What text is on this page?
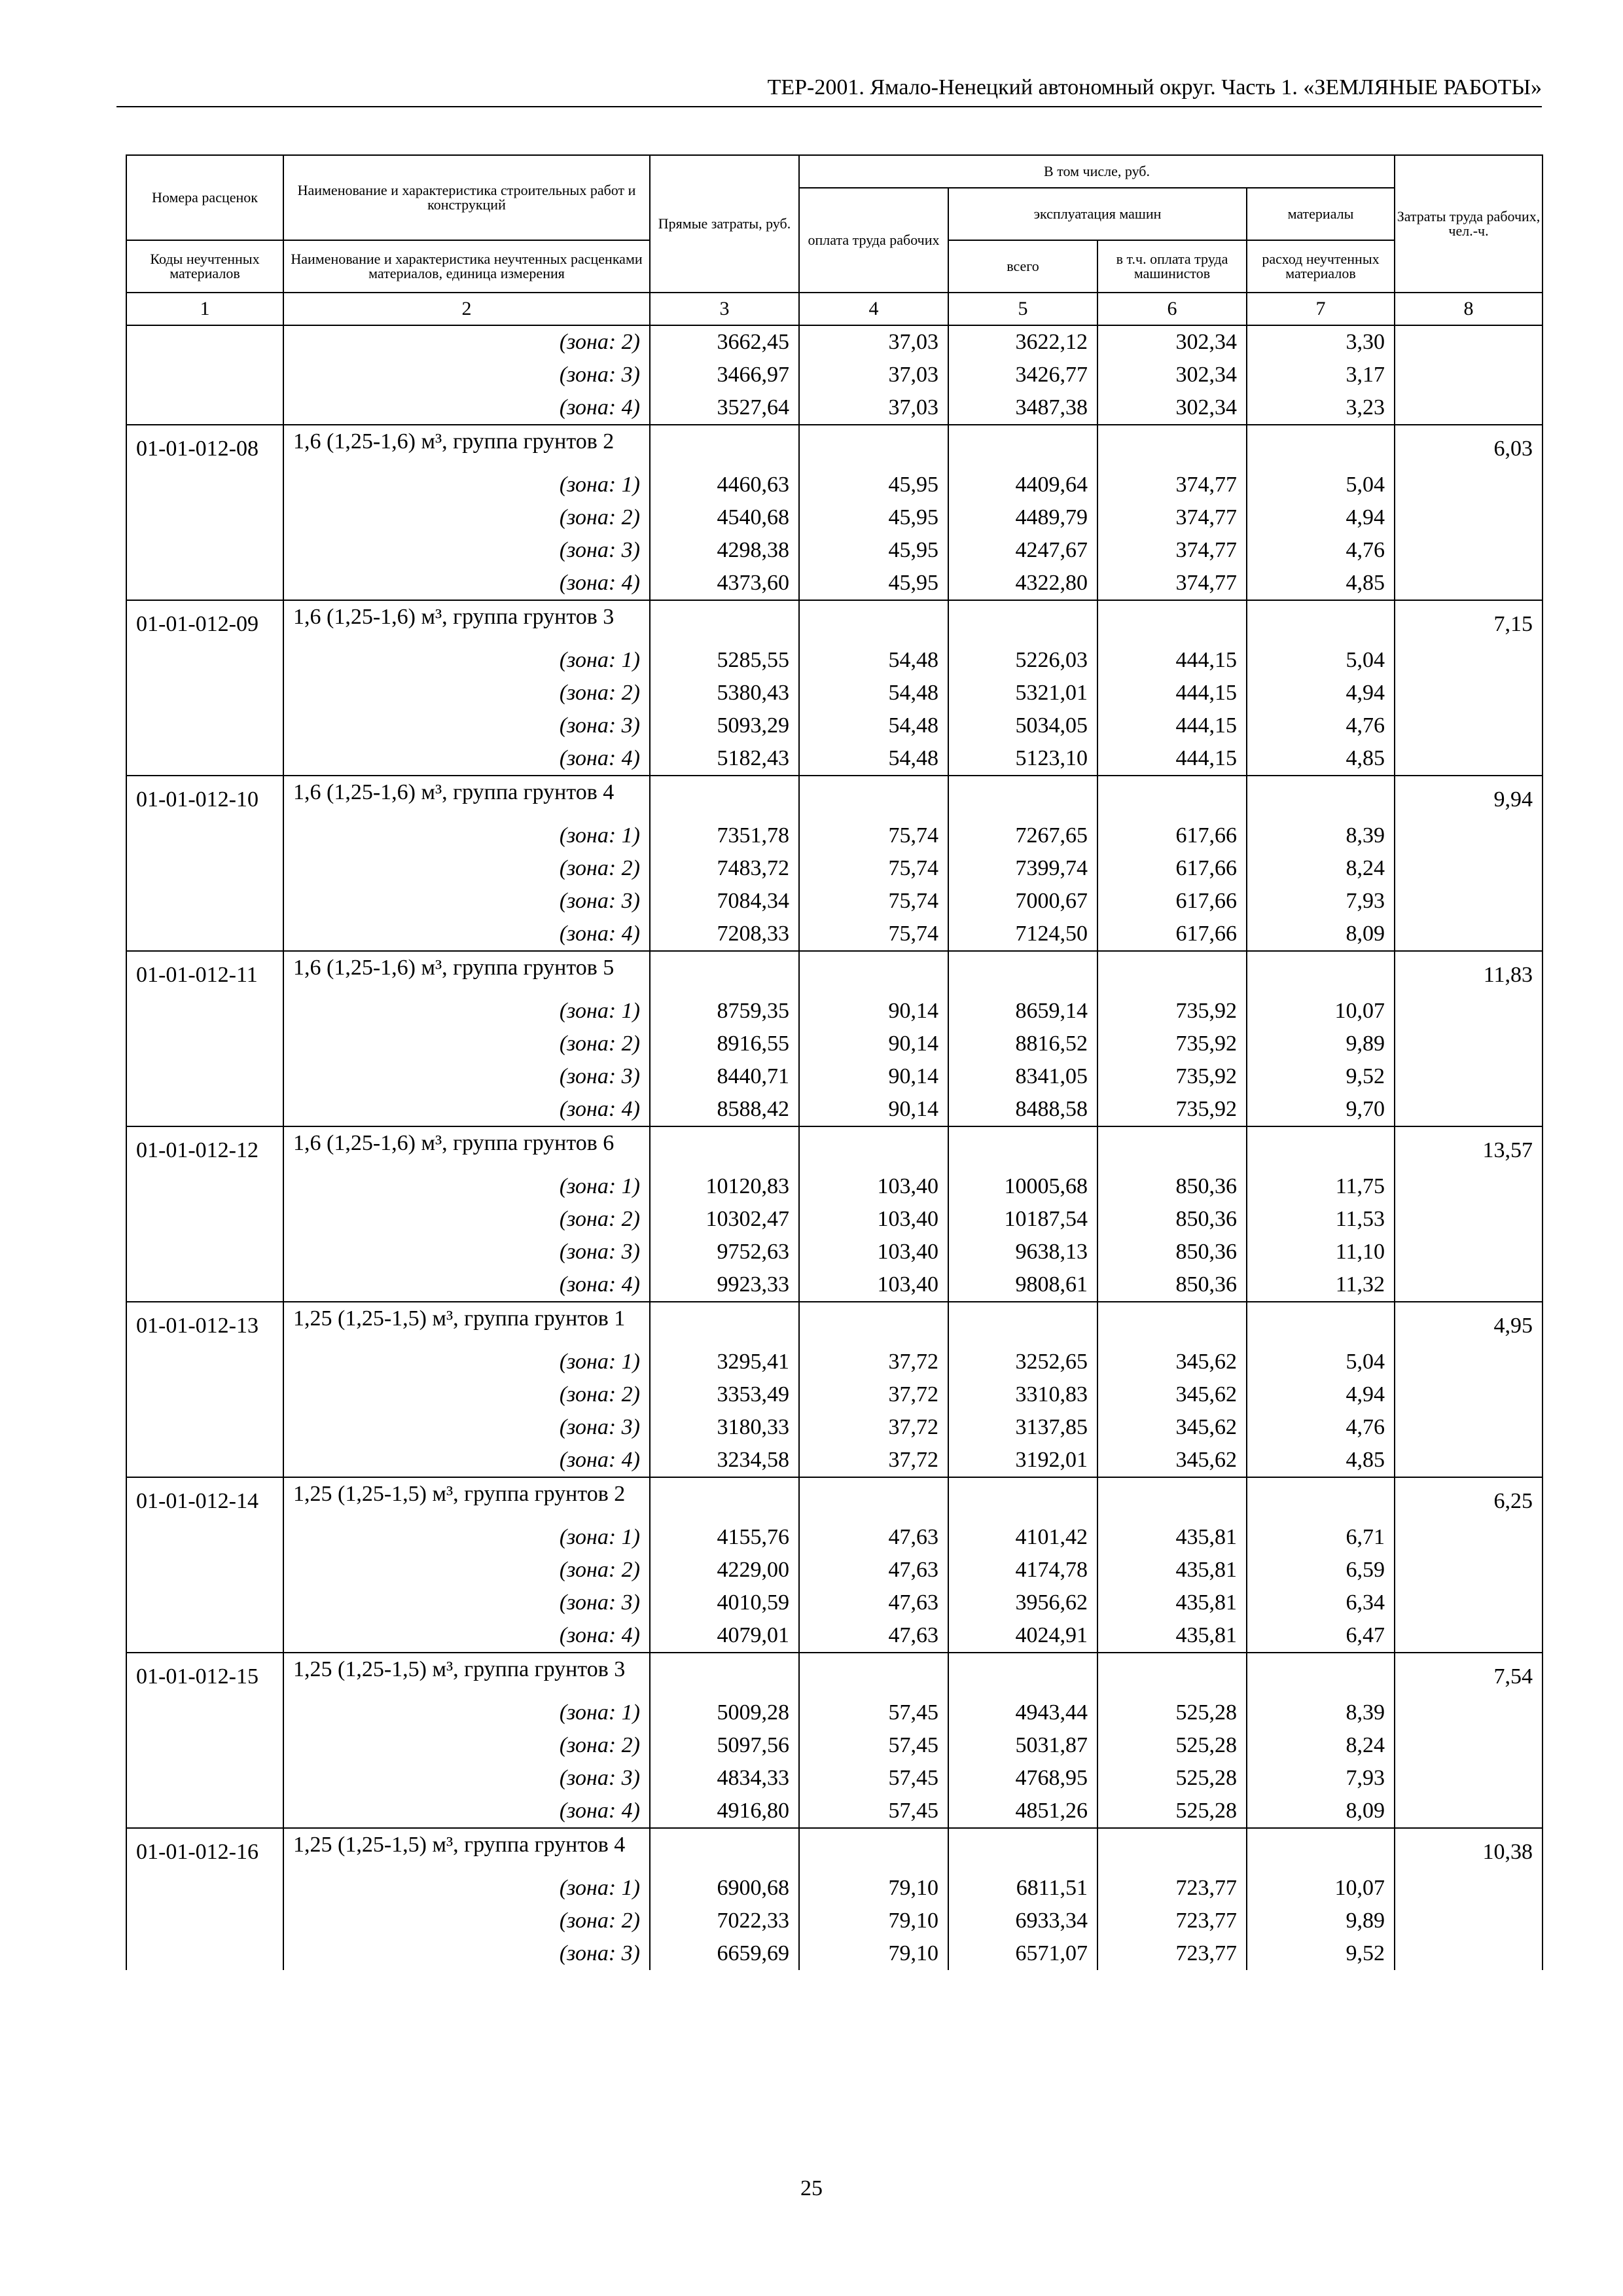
ТЕР-2001. Ямало-Ненецкий автономный округ. Часть 1. «ЗЕМЛЯНЫЕ РАБОТЫ»
Номера расценок	Наименование и характеристика строительных работ и конструкций	Прямые затраты, руб.	В том числе, руб.				Затраты труда рабочих, чел.-ч.
			оплата труда рабочих	эксплуатация машин		материалы	
Коды неучтенных материалов	Наименование и характеристика неучтенных расценками материалов, единица измерения			всего	в т.ч. оплата труда машинистов	расход неучтенных материалов	

1	2	3	4	5	6	7	8
	(зона: 2)	3662,45	37,03	3622,12	302,34	3,30	
	(зона: 3)	3466,97	37,03	3426,77	302,34	3,17	
	(зона: 4)	3527,64	37,03	3487,38	302,34	3,23	
01-01-012-08	1,6 (1,25-1,6) м³, группа грунтов 2						6,03
	(зона: 1)	4460,63	45,95	4409,64	374,77	5,04	
	(зона: 2)	4540,68	45,95	4489,79	374,77	4,94	
	(зона: 3)	4298,38	45,95	4247,67	374,77	4,76	
	(зона: 4)	4373,60	45,95	4322,80	374,77	4,85	
01-01-012-09	1,6 (1,25-1,6) м³, группа грунтов 3						7,15
	(зона: 1)	5285,55	54,48	5226,03	444,15	5,04	
	(зона: 2)	5380,43	54,48	5321,01	444,15	4,94	
	(зона: 3)	5093,29	54,48	5034,05	444,15	4,76	
	(зона: 4)	5182,43	54,48	5123,10	444,15	4,85	
01-01-012-10	1,6 (1,25-1,6) м³, группа грунтов 4						9,94
	(зона: 1)	7351,78	75,74	7267,65	617,66	8,39	
	(зона: 2)	7483,72	75,74	7399,74	617,66	8,24	
	(зона: 3)	7084,34	75,74	7000,67	617,66	7,93	
	(зона: 4)	7208,33	75,74	7124,50	617,66	8,09	
01-01-012-11	1,6 (1,25-1,6) м³, группа грунтов 5						11,83
	(зона: 1)	8759,35	90,14	8659,14	735,92	10,07	
	(зона: 2)	8916,55	90,14	8816,52	735,92	9,89	
	(зона: 3)	8440,71	90,14	8341,05	735,92	9,52	
	(зона: 4)	8588,42	90,14	8488,58	735,92	9,70	
01-01-012-12	1,6 (1,25-1,6) м³, группа грунтов 6						13,57
	(зона: 1)	10120,83	103,40	10005,68	850,36	11,75	
	(зона: 2)	10302,47	103,40	10187,54	850,36	11,53	
	(зона: 3)	9752,63	103,40	9638,13	850,36	11,10	
	(зона: 4)	9923,33	103,40	9808,61	850,36	11,32	
01-01-012-13	1,25 (1,25-1,5) м³, группа грунтов 1						4,95
	(зона: 1)	3295,41	37,72	3252,65	345,62	5,04	
	(зона: 2)	3353,49	37,72	3310,83	345,62	4,94	
	(зона: 3)	3180,33	37,72	3137,85	345,62	4,76	
	(зона: 4)	3234,58	37,72	3192,01	345,62	4,85	
01-01-012-14	1,25 (1,25-1,5) м³, группа грунтов 2						6,25
	(зона: 1)	4155,76	47,63	4101,42	435,81	6,71	
	(зона: 2)	4229,00	47,63	4174,78	435,81	6,59	
	(зона: 3)	4010,59	47,63	3956,62	435,81	6,34	
	(зона: 4)	4079,01	47,63	4024,91	435,81	6,47	
01-01-012-15	1,25 (1,25-1,5) м³, группа грунтов 3						7,54
	(зона: 1)	5009,28	57,45	4943,44	525,28	8,39	
	(зона: 2)	5097,56	57,45	5031,87	525,28	8,24	
	(зона: 3)	4834,33	57,45	4768,95	525,28	7,93	
	(зона: 4)	4916,80	57,45	4851,26	525,28	8,09	
01-01-012-16	1,25 (1,25-1,5) м³, группа грунтов 4						10,38
	(зона: 1)	6900,68	79,10	6811,51	723,77	10,07	
	(зона: 2)	7022,33	79,10	6933,34	723,77	9,89	
	(зона: 3)	6659,69	79,10	6571,07	723,77	9,52	
25
